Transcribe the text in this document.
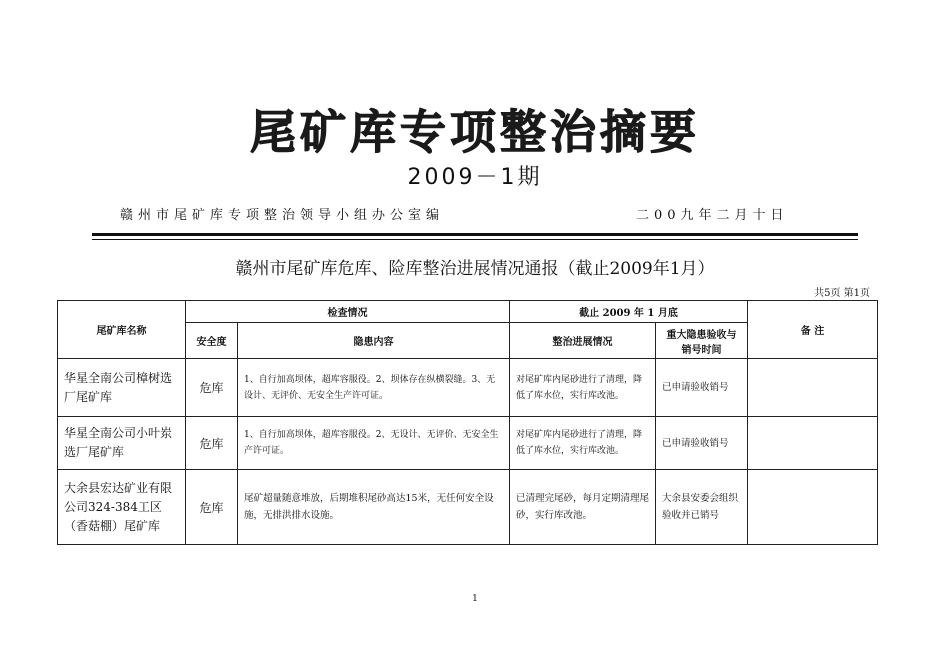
尾矿库专项整治摘要
2009－1期
赣州市尾矿库专项整治领导小组办公室编	二00九年二月十日
赣州市尾矿库危库、险库整治进展情况通报（截止2009年1月）
共5页 第1页
尾矿库名称	检查情况		截止 2009 年 1 月底		备 注
	安全度	隐患内容	整治进展情况	重大隐患验收与销号时间	
华星全南公司樟树选厂尾矿库	危库	1、自行加高坝体，超库容服役。2、坝体存在纵横裂缝。3、无设计、无评价、无安全生产许可证。	对尾矿库内尾砂进行了清理，降低了库水位，实行库改池。	已申请验收销号	
华星全南公司小叶岽选厂尾矿库	危库	1、自行加高坝体，超库容服役。2、无设计、无评价、无安全生产许可证。	对尾矿库内尾砂进行了清理，降低了库水位，实行库改池。	已申请验收销号	
大余县宏达矿业有限公司324-384工区（香菇棚）尾矿库	危库	尾矿超量随意堆放，后期堆积尾砂高达15米，无任何安全设施，无排洪排水设施。	已清理完尾砂，每月定期清理尾砂，实行库改池。	大余县安委会组织验收并已销号	
1
